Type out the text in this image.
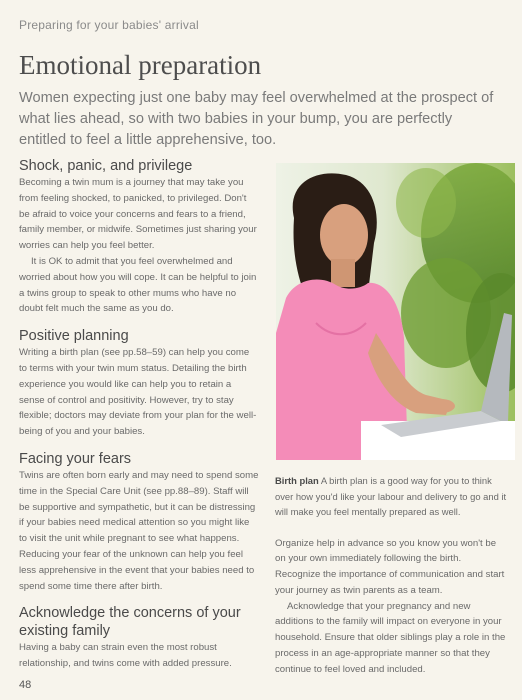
Preparing for your babies' arrival
Emotional preparation

Women expecting just one baby may feel overwhelmed at the prospect of what lies ahead, so with two babies in your bump, you are perfectly entitled to feel a little apprehensive, too.

Shock, panic, and privilege

Becoming a twin mum is a journey that may take you from feeling shocked, to panicked, to privileged. Don't be afraid to voice your concerns and fears to a friend, family member, or midwife. Sometimes just sharing your worries can help you feel better.

It is OK to admit that you feel overwhelmed and worried about how you will cope. It can be helpful to join a twins group to speak to other mums who have no doubt felt much the same as you do.

Positive planning

Writing a birth plan (see pp.58–59) can help you come to terms with your twin mum status. Detailing the birth experience you would like can help you to retain a sense of control and positivity. However, try to stay flexible; doctors may deviate from your plan for the well-being of you and your babies.

Facing your fears

Twins are often born early and may need to spend some time in the Special Care Unit (see pp.88–89). Staff will be supportive and sympathetic, but it can be distressing if your babies need medical attention so you might like to visit the unit while pregnant to see what happens. Reducing your fear of the unknown can help you feel less apprehensive in the event that your babies need to spend some time there after birth.

Acknowledge the concerns of your existing family

Having a baby can strain even the most robust relationship, and twins come with added pressure.

Birth plan A birth plan is a good way for you to think over how you'd like your labour and delivery to go and it will make you feel mentally prepared as well.

Organize help in advance so you know you won't be on your own immediately following the birth. Recognize the importance of communication and start your journey as twin parents as a team.

Acknowledge that your pregnancy and new additions to the family will impact on everyone in your household. Ensure that older siblings play a role in the process in an age-appropriate manner so that they continue to feel loved and included.

48
